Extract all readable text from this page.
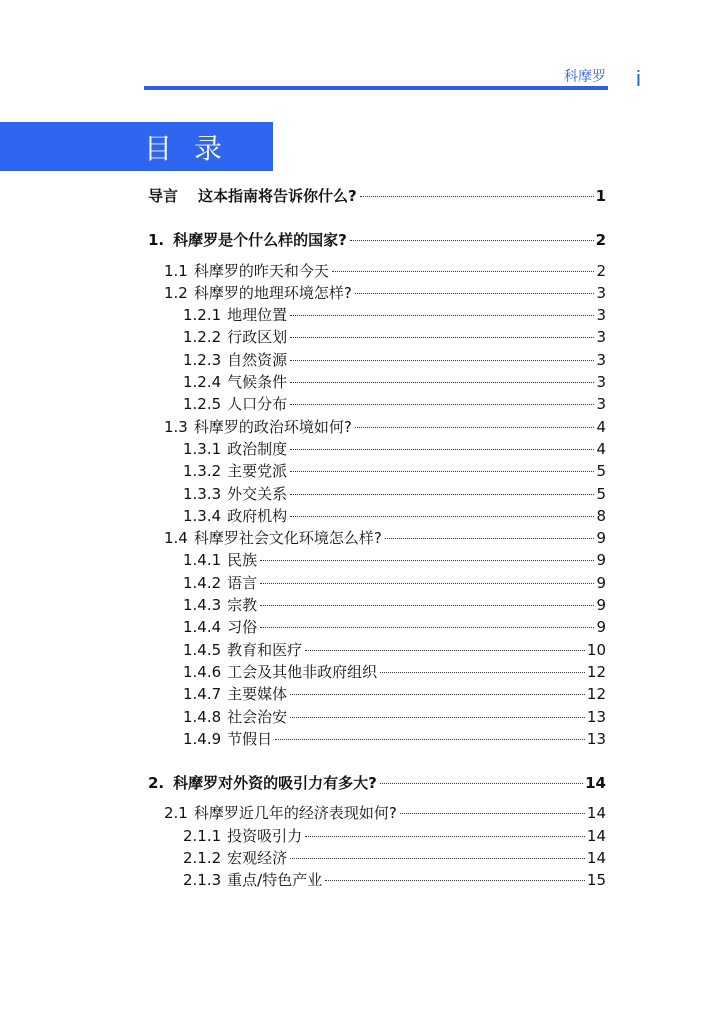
科摩罗 i
目录
导言	这本指南将告诉你什么?	1
1. 科摩罗是个什么样的国家?	2
1.1 科摩罗的昨天和今天	2
1.2 科摩罗的地理环境怎样?	3
1.2.1 地理位置	3
1.2.2 行政区划	3
1.2.3 自然资源	3
1.2.4 气候条件	3
1.2.5 人口分布	3
1.3 科摩罗的政治环境如何?	4
1.3.1 政治制度	4
1.3.2 主要党派	5
1.3.3 外交关系	5
1.3.4 政府机构	8
1.4 科摩罗社会文化环境怎么样?	9
1.4.1 民族	9
1.4.2 语言	9
1.4.3 宗教	9
1.4.4 习俗	9
1.4.5 教育和医疗	10
1.4.6 工会及其他非政府组织	12
1.4.7 主要媒体	12
1.4.8 社会治安	13
1.4.9 节假日	13
2. 科摩罗对外资的吸引力有多大?	14
2.1 科摩罗近几年的经济表现如何?	14
2.1.1 投资吸引力	14
2.1.2 宏观经济	14
2.1.3 重点/特色产业	15
